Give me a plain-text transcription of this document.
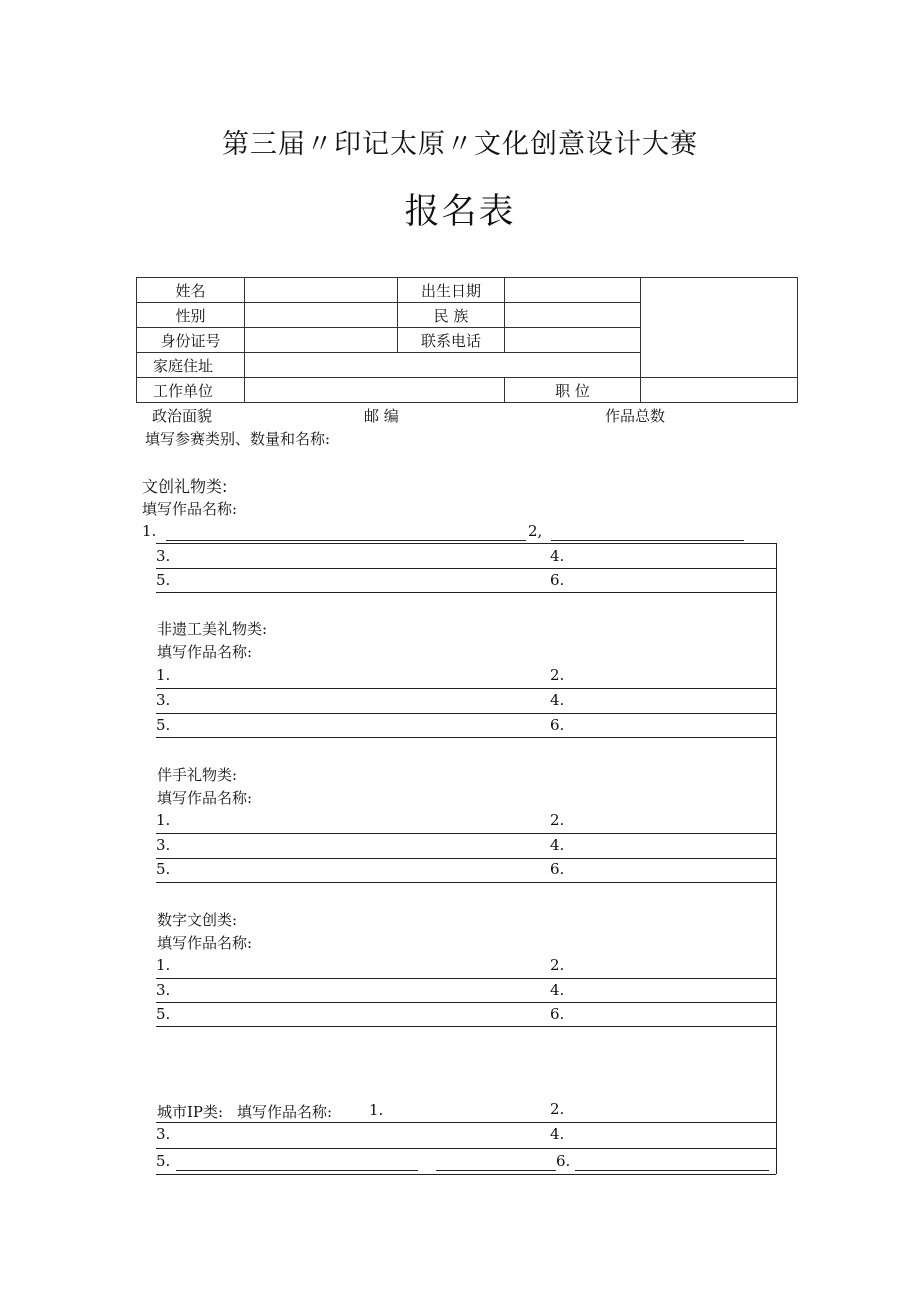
第三届〃印记太原〃文化创意设计大赛
报名表
姓名		出生日期		
性别		民 族		
身份证号		联系电话		
家庭住址				
工作单位			职 位	
政治面貌	邮 编	作品总数
填写参赛类别、数量和名称:
文创礼物类:
填写作品名称:
1.	2,
3.	4.
5.	6.
非遗工美礼物类:
填写作品名称:
1.	2.
3.	4.
5.	6.
伴手礼物类:
填写作品名称:
1.	2.
3.	4.
5.	6.
数字文创类:
填写作品名称:
1.	2.
3.	4.
5.	6.
城市IP类: 填写作品名称: 1.	2.
3.	4.
5.	6.
